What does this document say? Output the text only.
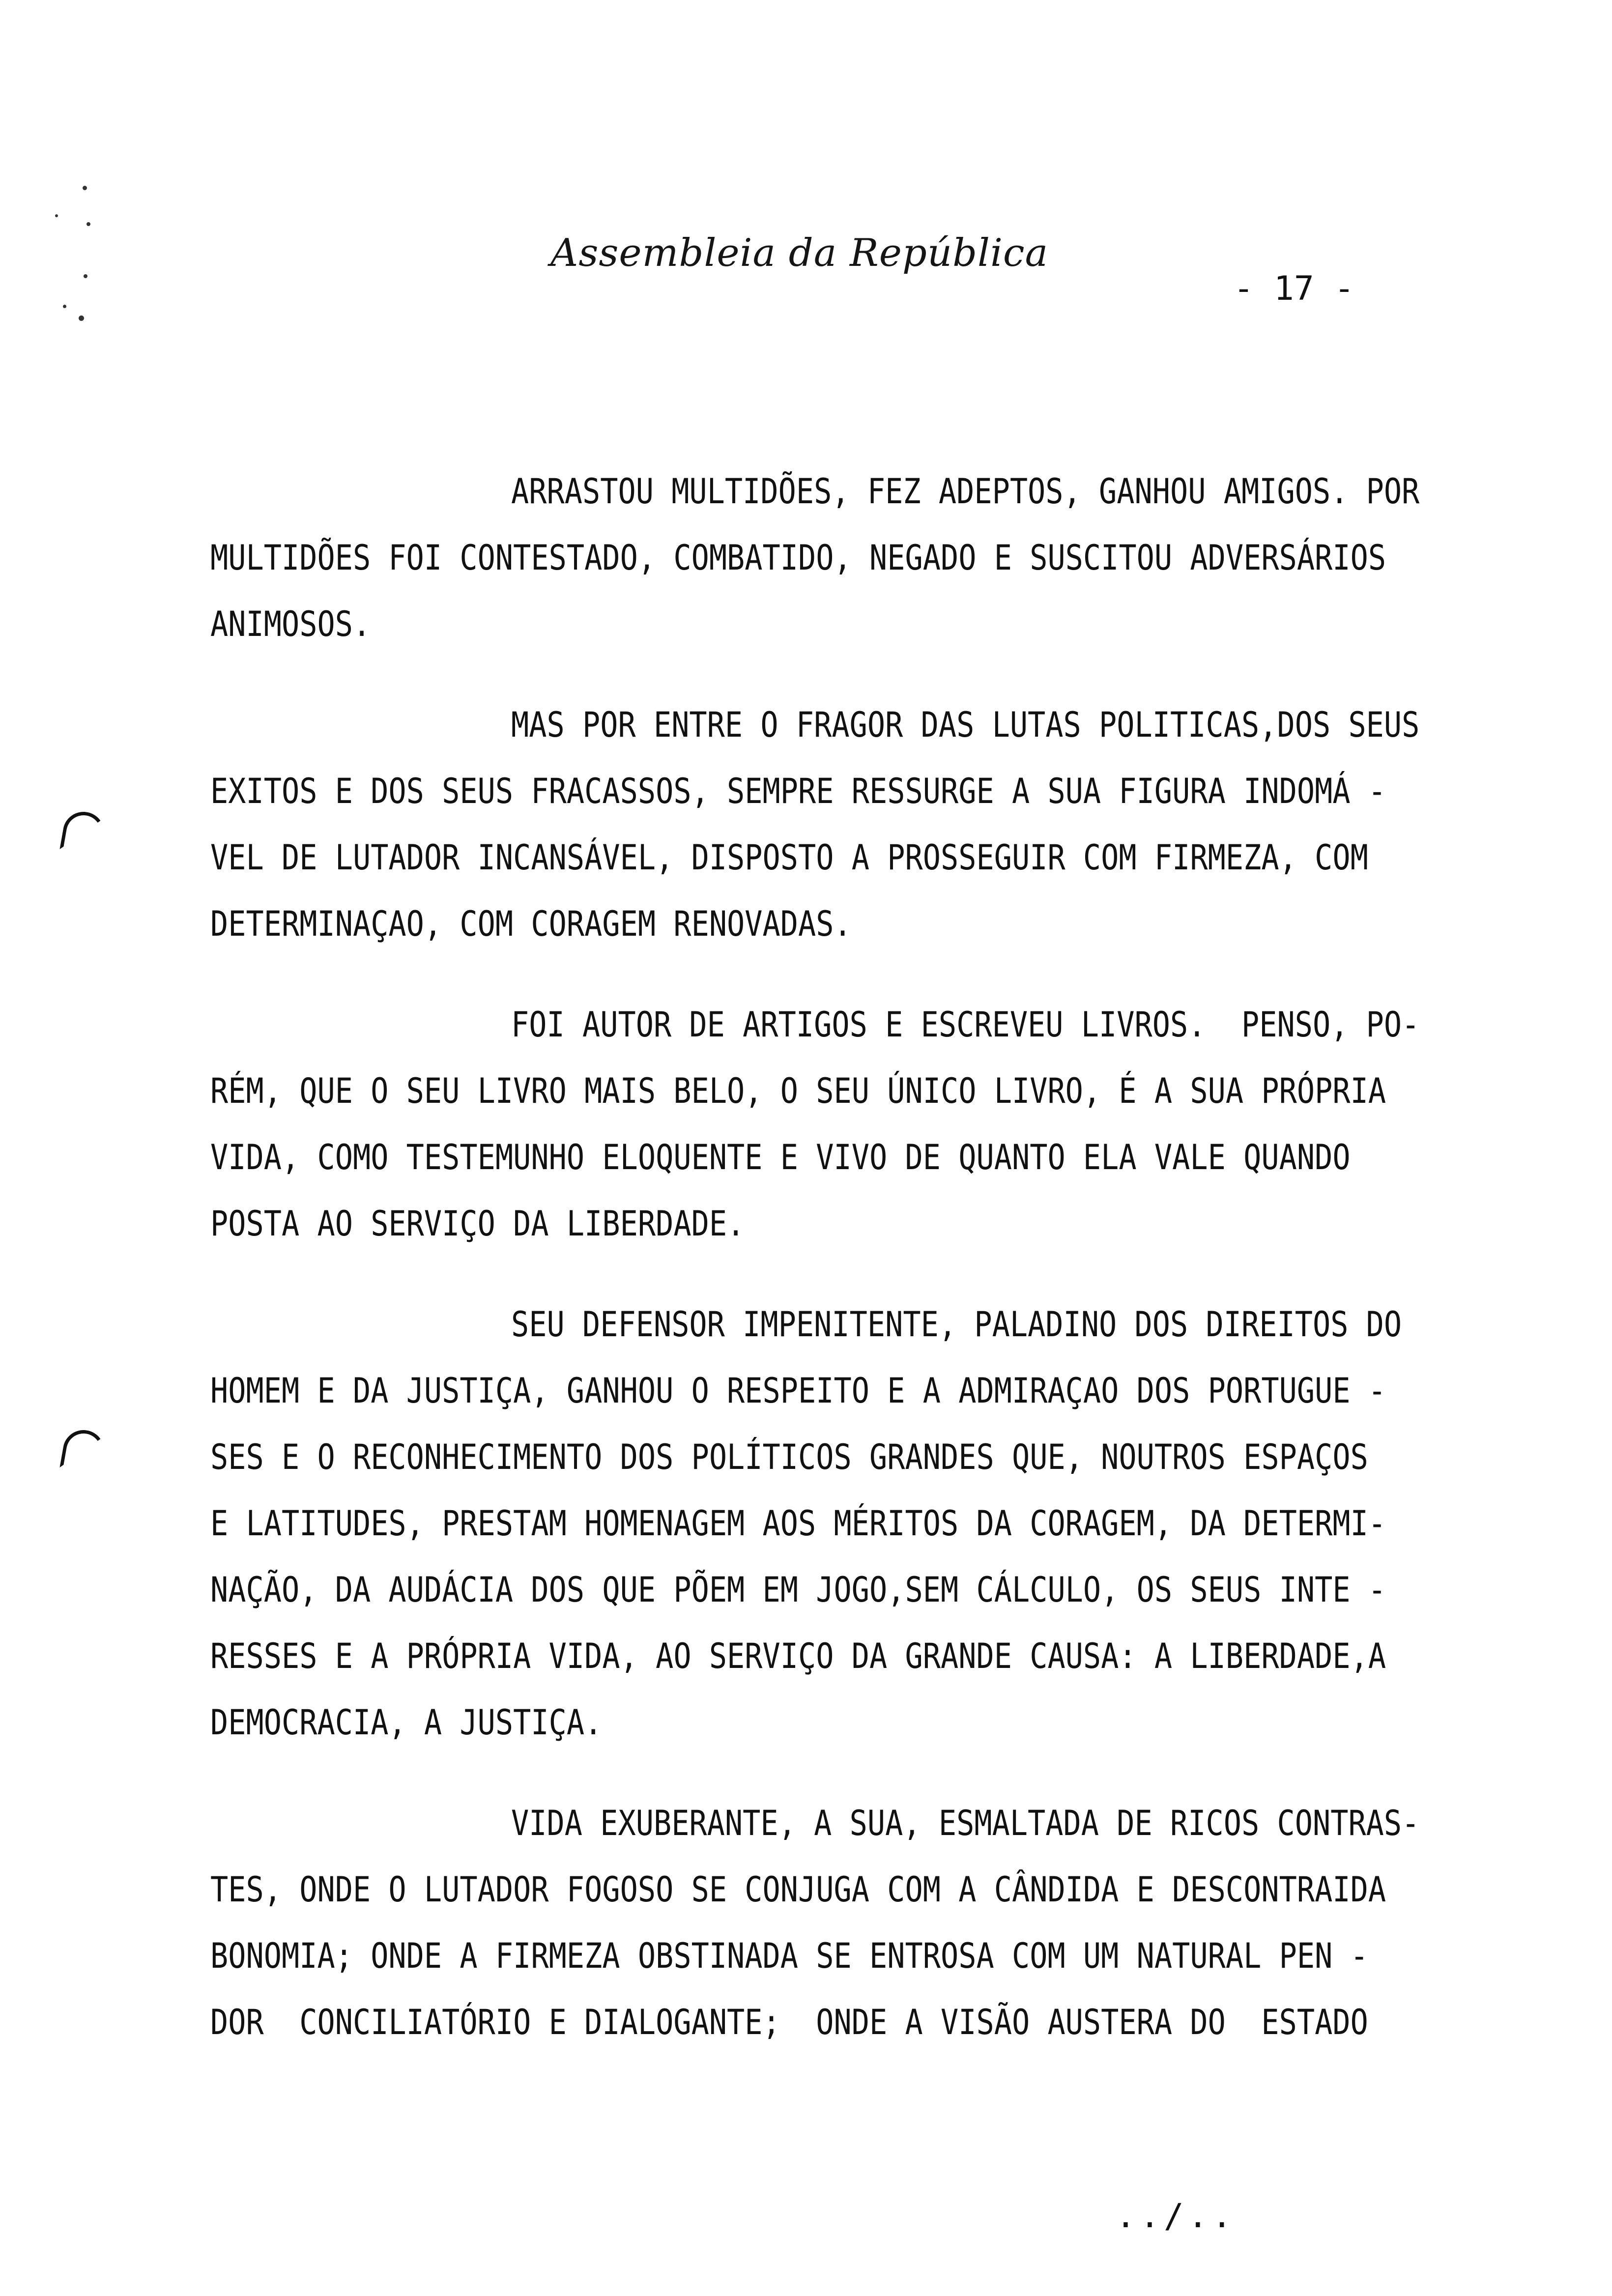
Assembleia da República
- 17 -
ARRASTOU MULTIDÕES, FEZ ADEPTOS, GANHOU AMIGOS. POR
MULTIDÕES FOI CONTESTADO, COMBATIDO, NEGADO E SUSCITOU ADVERSÁRIOS
ANIMOSOS.
MAS POR ENTRE O FRAGOR DAS LUTAS POLITICAS,DOS SEUS
EXITOS E DOS SEUS FRACASSOS, SEMPRE RESSURGE A SUA FIGURA INDOMÁ -
VEL DE LUTADOR INCANSÁVEL, DISPOSTO A PROSSEGUIR COM FIRMEZA, COM
DETERMINAÇAO, COM CORAGEM RENOVADAS.
FOI AUTOR DE ARTIGOS E ESCREVEU LIVROS.  PENSO, PO-
RÉM, QUE O SEU LIVRO MAIS BELO, O SEU ÚNICO LIVRO, É A SUA PRÓPRIA
VIDA, COMO TESTEMUNHO ELOQUENTE E VIVO DE QUANTO ELA VALE QUANDO
POSTA AO SERVIÇO DA LIBERDADE.
SEU DEFENSOR IMPENITENTE, PALADINO DOS DIREITOS DO
HOMEM E DA JUSTIÇA, GANHOU O RESPEITO E A ADMIRAÇAO DOS PORTUGUE -
SES E O RECONHECIMENTO DOS POLÍTICOS GRANDES QUE, NOUTROS ESPAÇOS
E LATITUDES, PRESTAM HOMENAGEM AOS MÉRITOS DA CORAGEM, DA DETERMI-
NAÇÃO, DA AUDÁCIA DOS QUE PÕEM EM JOGO,SEM CÁLCULO, OS SEUS INTE -
RESSES E A PRÓPRIA VIDA, AO SERVIÇO DA GRANDE CAUSA: A LIBERDADE,A
DEMOCRACIA, A JUSTIÇA.
VIDA EXUBERANTE, A SUA, ESMALTADA DE RICOS CONTRAS-
TES, ONDE O LUTADOR FOGOSO SE CONJUGA COM A CÂNDIDA E DESCONTRAIDA
BONOMIA; ONDE A FIRMEZA OBSTINADA SE ENTROSA COM UM NATURAL PEN -
DOR  CONCILIATÓRIO E DIALOGANTE;  ONDE A VISÃO AUSTERA DO  ESTADO
../..
